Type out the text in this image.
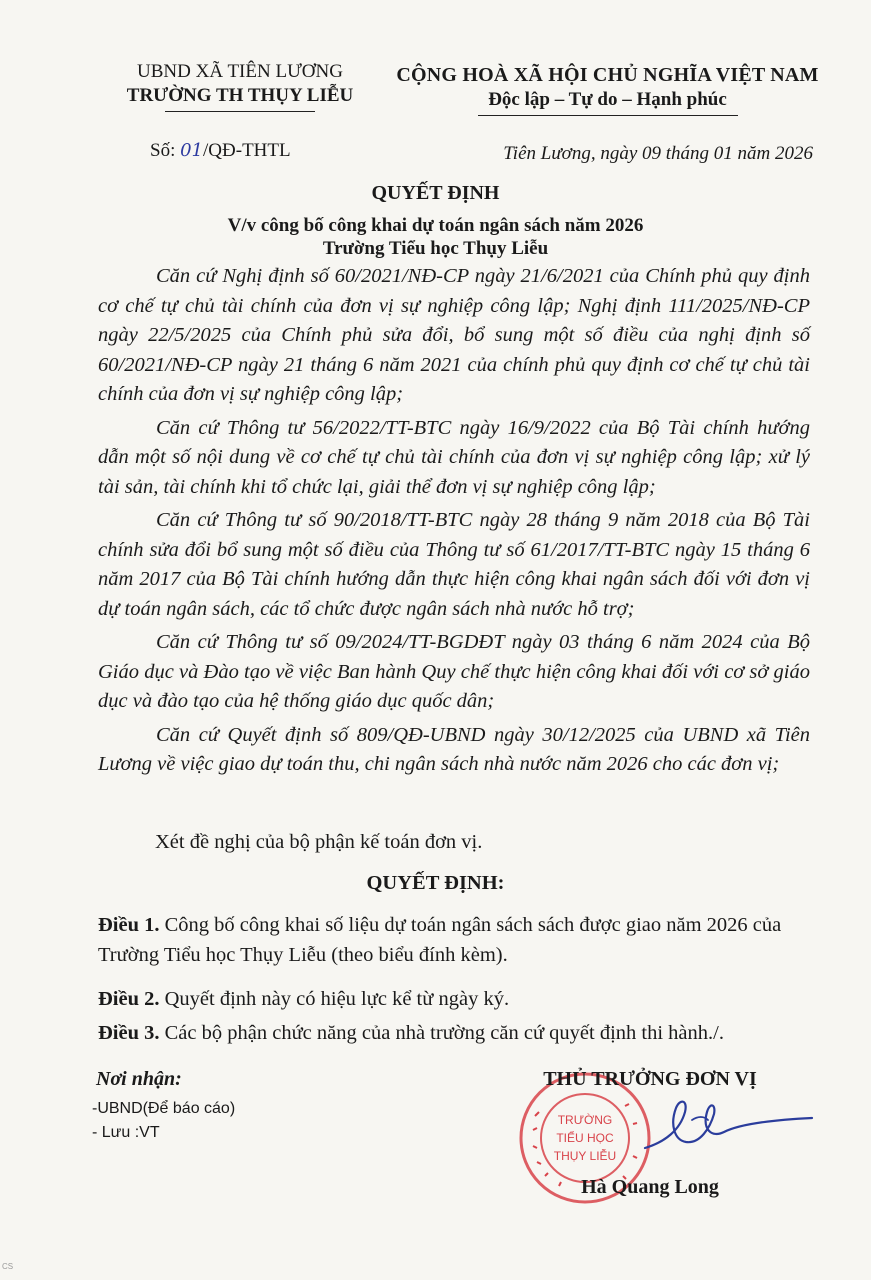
UBND XÃ TIÊN LƯƠNG
TRƯỜNG TH THỤY LIỄU
CỘNG HOÀ XÃ HỘI CHỦ NGHĨA VIỆT NAM
Độc lập – Tự do – Hạnh phúc
Số: 01/QĐ-THTL	Tiên Lương, ngày 09 tháng 01 năm 2026
QUYẾT ĐỊNH
V/v công bố công khai dự toán ngân sách năm 2026
Trường Tiểu học Thụy Liễu

Căn cứ Nghị định số 60/2021/NĐ-CP ngày 21/6/2021 của Chính phủ quy định cơ chế tự chủ tài chính của đơn vị sự nghiệp công lập; Nghị định 111/2025/NĐ-CP ngày 22/5/2025 của Chính phủ sửa đổi, bổ sung một số điều của nghị định số 60/2021/NĐ-CP ngày 21 tháng 6 năm 2021 của chính phủ quy định cơ chế tự chủ tài chính của đơn vị sự nghiệp công lập;

Căn cứ Thông tư 56/2022/TT-BTC ngày 16/9/2022 của Bộ Tài chính hướng dẫn một số nội dung về cơ chế tự chủ tài chính của đơn vị sự nghiệp công lập; xử lý tài sản, tài chính khi tổ chức lại, giải thể đơn vị sự nghiệp công lập;

Căn cứ Thông tư số 90/2018/TT-BTC ngày 28 tháng 9 năm 2018 của Bộ Tài chính sửa đổi bổ sung một số điều của Thông tư số 61/2017/TT-BTC ngày 15 tháng 6 năm 2017 của Bộ Tài chính hướng dẫn thực hiện công khai ngân sách đối với đơn vị dự toán ngân sách, các tổ chức được ngân sách nhà nước hỗ trợ;

Căn cứ Thông tư số 09/2024/TT-BGDĐT ngày 03 tháng 6 năm 2024 của Bộ Giáo dục và Đào tạo về việc Ban hành Quy chế thực hiện công khai đối với cơ sở giáo dục và đào tạo của hệ thống giáo dục quốc dân;

Căn cứ Quyết định số 809/QĐ-UBND ngày 30/12/2025 của UBND xã Tiên Lương về việc giao dự toán thu, chi ngân sách nhà nước năm 2026 cho các đơn vị;

Xét đề nghị của bộ phận kế toán đơn vị.
QUYẾT ĐỊNH:
Điều 1. Công bố công khai số liệu dự toán ngân sách sách được giao năm 2026 của Trường Tiểu học Thụy Liễu (theo biểu đính kèm).
Điều 2. Quyết định này có hiệu lực kể từ ngày ký.
Điều 3. Các bộ phận chức năng của nhà trường căn cứ quyết định thi hành./.
Nơi nhận:
-UBND(Để báo cáo)
- Lưu :VT
TRƯỜNG
TIỂU HỌC
THỤY LIỄU
THỦ TRƯỞNG ĐƠN VỊ
Hà Quang Long
CS
